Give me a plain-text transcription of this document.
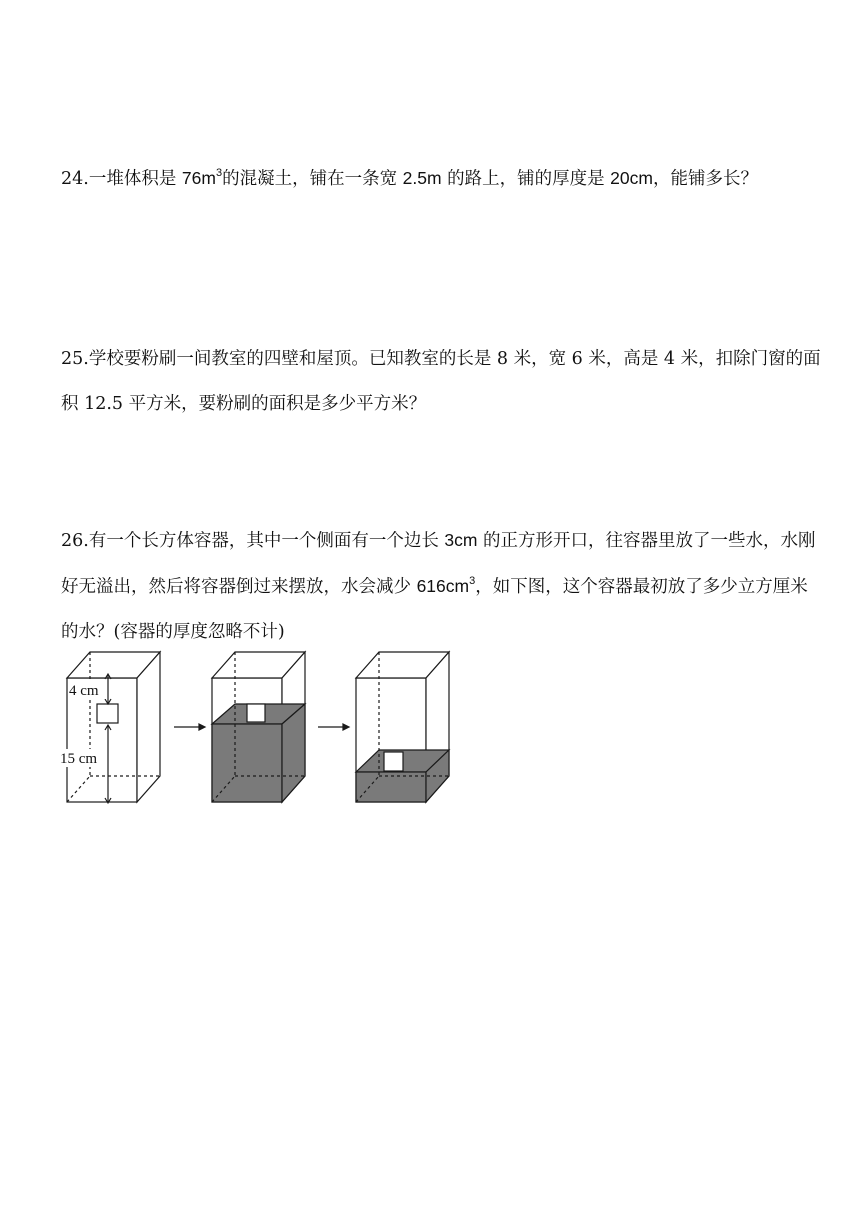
24.一堆体积是 $76m^3$的混凝土，铺在一条宽 2.5m 的路上，铺的厚度是 20cm，能铺多长？

25.学校要粉刷一间教室的四壁和屋顶。已知教室的长是 8 米，宽 6 米，高是 4 米，扣除门窗的面积 12.5 平方米，要粉刷的面积是多少平方米？

26.有一个长方体容器，其中一个侧面有一个边长 3cm 的正方形开口，往容器里放了一些水，水刚好无溢出，然后将容器倒过来摆放，水会减少 $616cm^3$，如下图，这个容器最初放了多少立方厘米的水？(容器的厚度忽略不计)

4 cm
15 cm
